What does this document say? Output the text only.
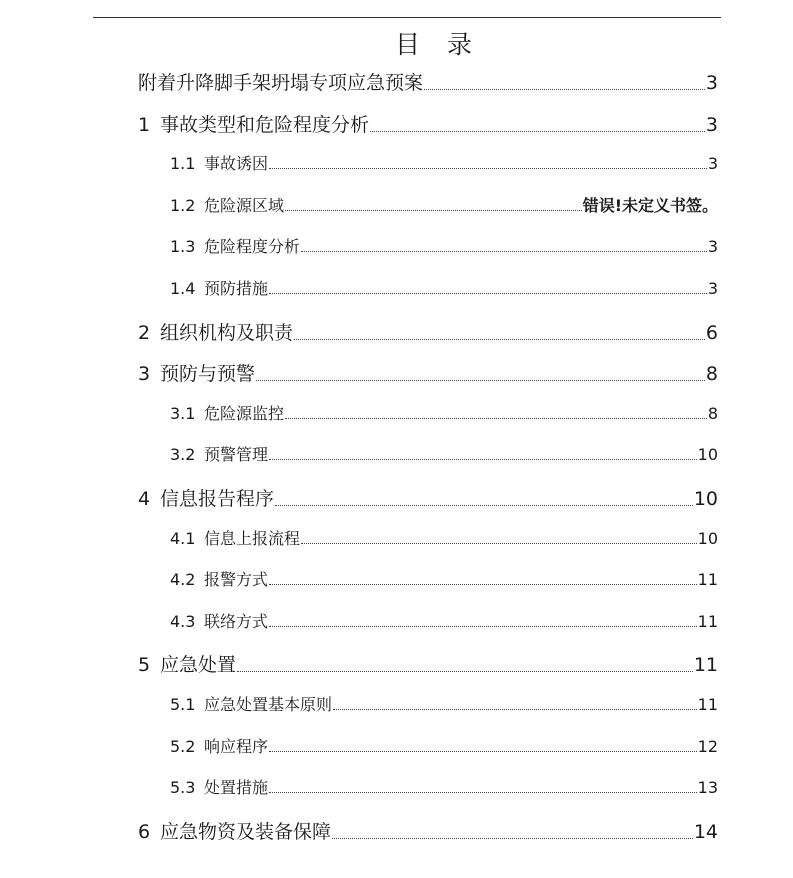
目　录
附着升降脚手架坍塌专项应急预案	3
1 事故类型和危险程度分析	3
1.1 事故诱因	3
1.2 危险源区域	错误!未定义书签。
1.3 危险程度分析	3
1.4 预防措施	3
2 组织机构及职责	6
3 预防与预警	8
3.1 危险源监控	8
3.2 预警管理	10
4 信息报告程序	10
4.1 信息上报流程	10
4.2 报警方式	11
4.3 联络方式	11
5 应急处置	11
5.1 应急处置基本原则	11
5.2 响应程序	12
5.3 处置措施	13
6 应急物资及装备保障	14
